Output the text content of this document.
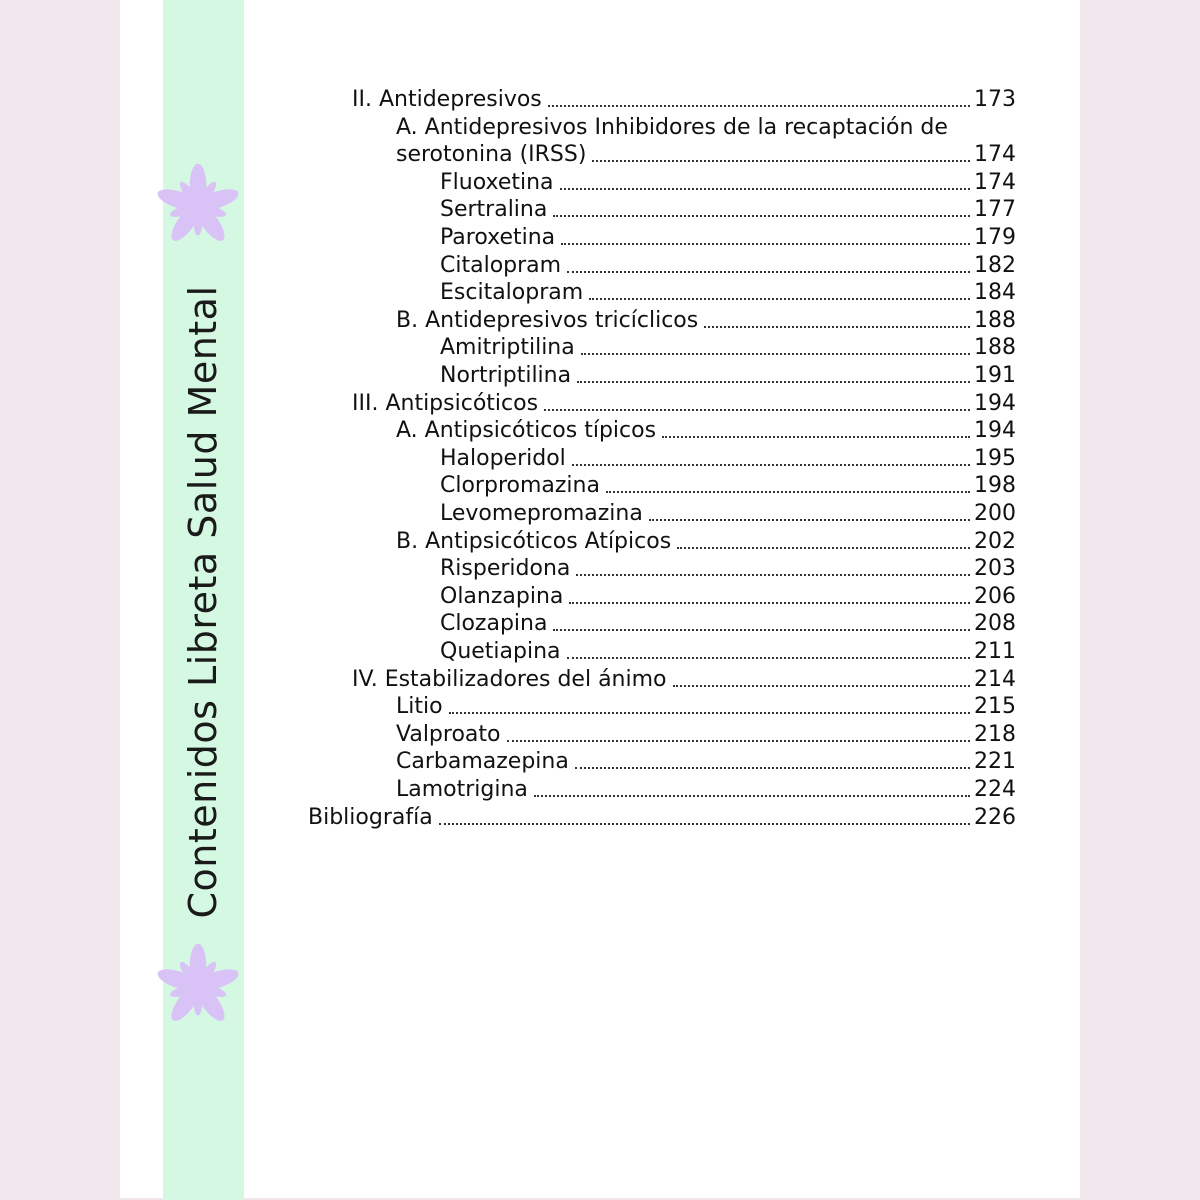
Contenidos Libreta Salud Mental
II. Antidepresivos	173
A. Antidepresivos Inhibidores de la recaptación de
serotonina (IRSS)	174
Fluoxetina	174
Sertralina	177
Paroxetina	179
Citalopram	182
Escitalopram	184
B. Antidepresivos tricíclicos	188
Amitriptilina	188
Nortriptilina	191
III. Antipsicóticos	194
A. Antipsicóticos típicos	194
Haloperidol	195
Clorpromazina	198
Levomepromazina	200
B. Antipsicóticos Atípicos	202
Risperidona	203
Olanzapina	206
Clozapina	208
Quetiapina	211
IV. Estabilizadores del ánimo	214
Litio	215
Valproato	218
Carbamazepina	221
Lamotrigina	224
Bibliografía	226
